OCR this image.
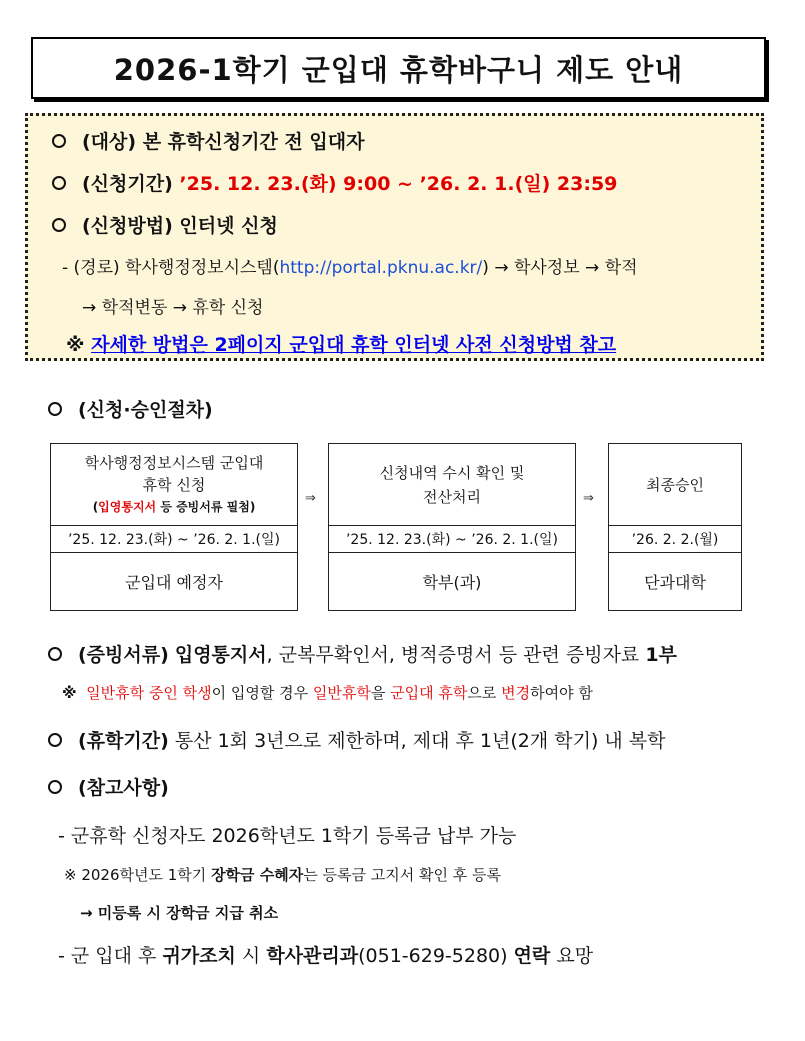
2026-1학기 군입대 휴학바구니 제도 안내
(대상) 본 휴학신청기간 전 입대자
(신청기간) ’25. 12. 23.(화) 9:00 ~ ’26. 2. 1.(일) 23:59
(신청방법) 인터넷 신청
- (경로) 학사행정정보시스템(http://portal.pknu.ac.kr/) → 학사정보 → 학적
→ 학적변동 → 휴학 신청
※ 자세한 방법은 2페이지 군입대 휴학 인터넷 사전 신청방법 참고
(신청·승인절차)
학사행정정보시스템 군입대
휴학 신청
(입영통지서 등 증빙서류 필첨)
’25. 12. 23.(화) ~ ’26. 2. 1.(일)
군입대 예정자
⇒
신청내역 수시 확인 및
전산처리
’25. 12. 23.(화) ~ ’26. 2. 1.(일)
학부(과)
⇒
최종승인
’26. 2. 2.(월)
단과대학
(증빙서류) 입영통지서, 군복무확인서, 병적증명서 등 관련 증빙자료 1부
※ 일반휴학 중인 학생이 입영할 경우 일반휴학을 군입대 휴학으로 변경하여야 함
(휴학기간) 통산 1회 3년으로 제한하며, 제대 후 1년(2개 학기) 내 복학
(참고사항)
- 군휴학 신청자도 2026학년도 1학기 등록금 납부 가능
※ 2026학년도 1학기 장학금 수혜자는 등록금 고지서 확인 후 등록
→ 미등록 시 장학금 지급 취소
- 군 입대 후 귀가조치 시 학사관리과(051-629-5280) 연락 요망
